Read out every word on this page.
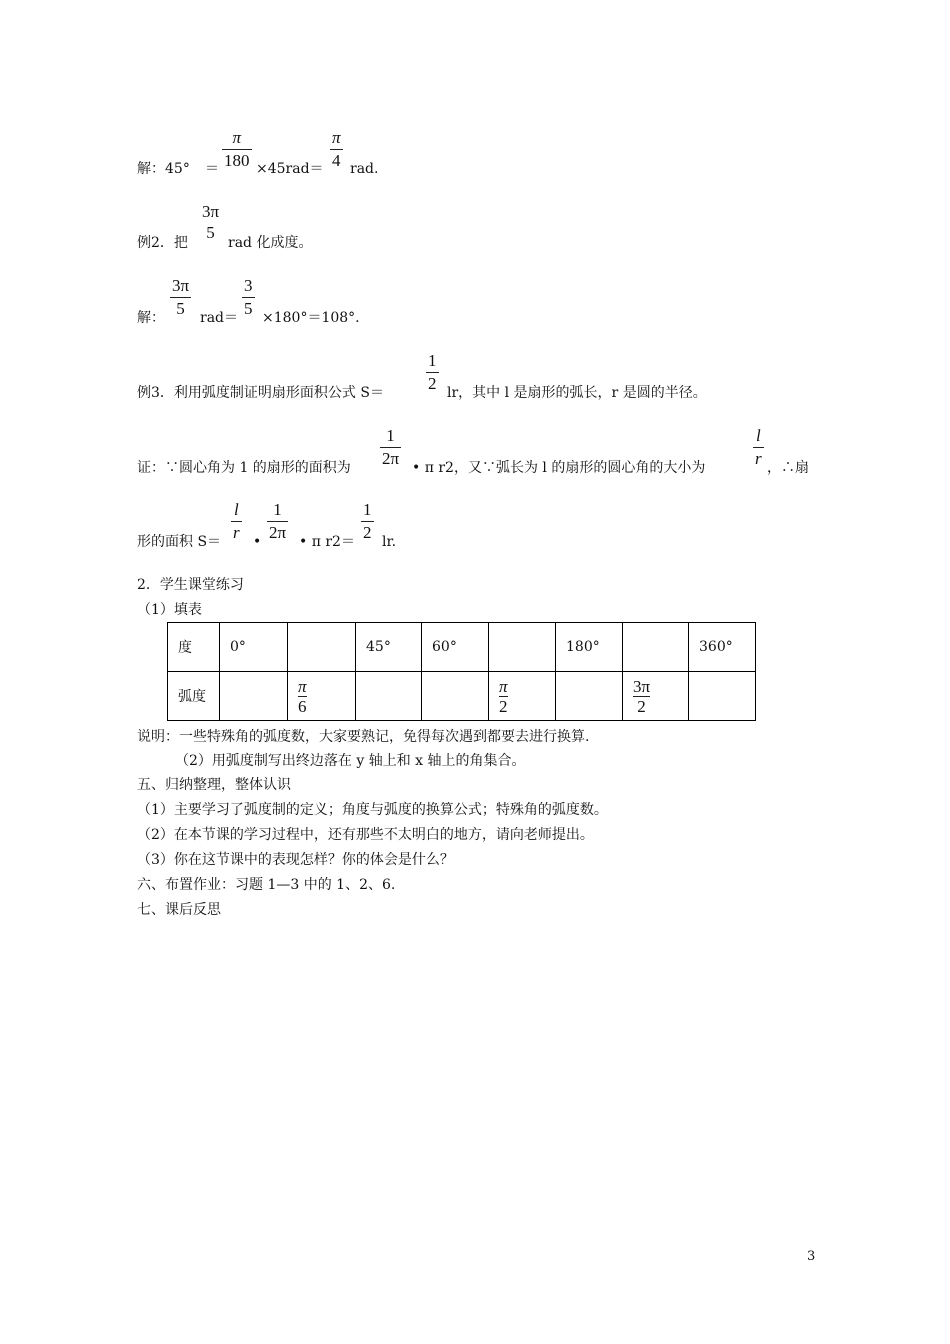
解：45° ＝
π
180 ×45rad＝
π
4 rad.
例2．把
3π
5
rad 化成度。
解：
3π
5	rad＝
3
5 ×180°＝108°.
例3．利用弧度制证明扇形面积公式 S＝
1
2 lr，其中 l 是扇形的弧长，r 是圆的半径。
证：∵圆心角为 1 的扇形的面积为
1
2π • π r2，又∵弧长为 l 的扇形的圆心角的大小为
l
r ，∴扇
形的面积 S＝
l
r •
1
2π • π r2＝
1
2 lr.
2．学生课堂练习
（1）填表
度	0°		45°	60°		180°		360°
弧度		$\frac{\pi}{6}$			$\frac{\pi}{2}$		$\frac{3\pi}{2}$

说明：一些特殊角的弧度数，大家要熟记，免得每次遇到都要去进行换算.
（2）用弧度制写出终边落在 y 轴上和 x 轴上的角集合。
五、归纳整理，整体认识
（1）主要学习了弧度制的定义；角度与弧度的换算公式；特殊角的弧度数。
（2）在本节课的学习过程中，还有那些不太明白的地方，请向老师提出。
（3）你在这节课中的表现怎样？你的体会是什么？
六、布置作业：习题 1—3 中的 1、2、6.
七、课后反思
3
